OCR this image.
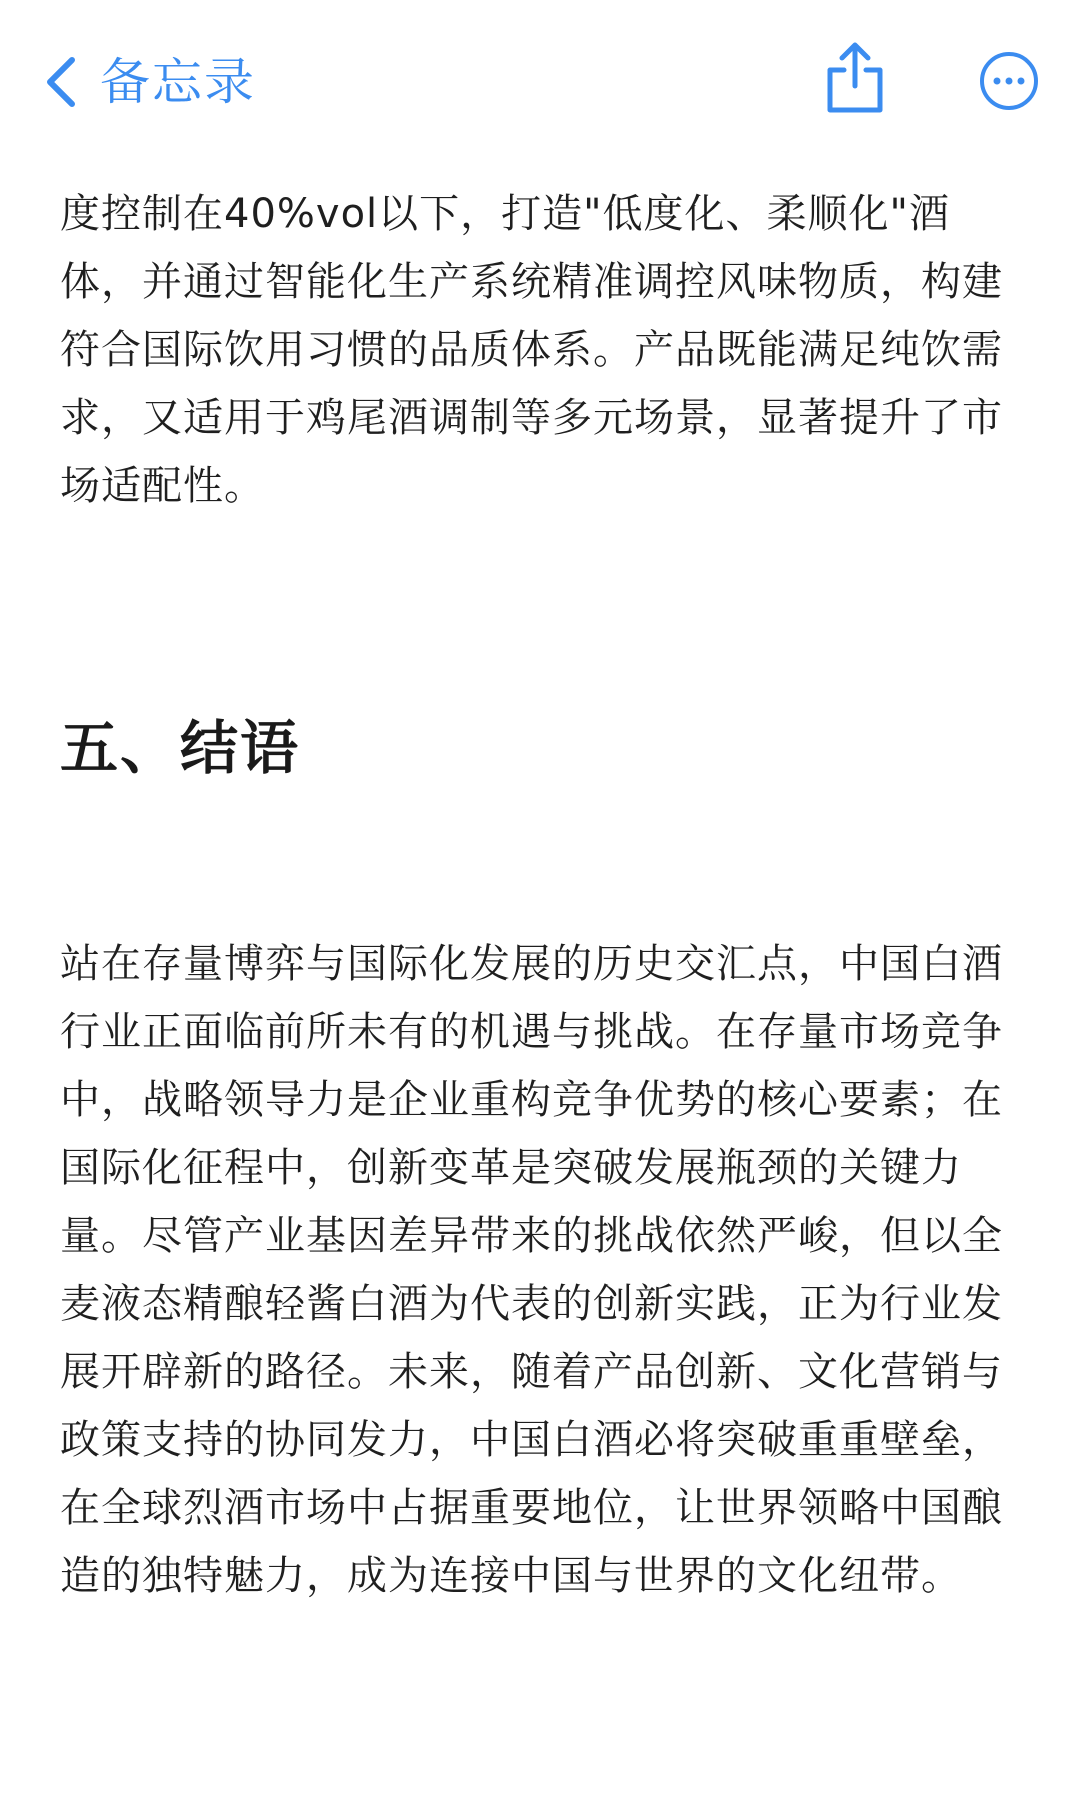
备忘录

度控制在40%vol以下，打造"低度化、柔顺化"酒体，并通过智能化生产系统精准调控风味物质，构建符合国际饮用习惯的品质体系。产品既能满足纯饮需求，又适用于鸡尾酒调制等多元场景，显著提升了市场适配性。

五、结语

站在存量博弈与国际化发展的历史交汇点，中国白酒行业正面临前所未有的机遇与挑战。在存量市场竞争中，战略领导力是企业重构竞争优势的核心要素；在国际化征程中，创新变革是突破发展瓶颈的关键力量。尽管产业基因差异带来的挑战依然严峻，但以全麦液态精酿轻酱白酒为代表的创新实践，正为行业发展开辟新的路径。未来，随着产品创新、文化营销与政策支持的协同发力，中国白酒必将突破重重壁垒，在全球烈酒市场中占据重要地位，让世界领略中国酿造的独特魅力，成为连接中国与世界的文化纽带。
